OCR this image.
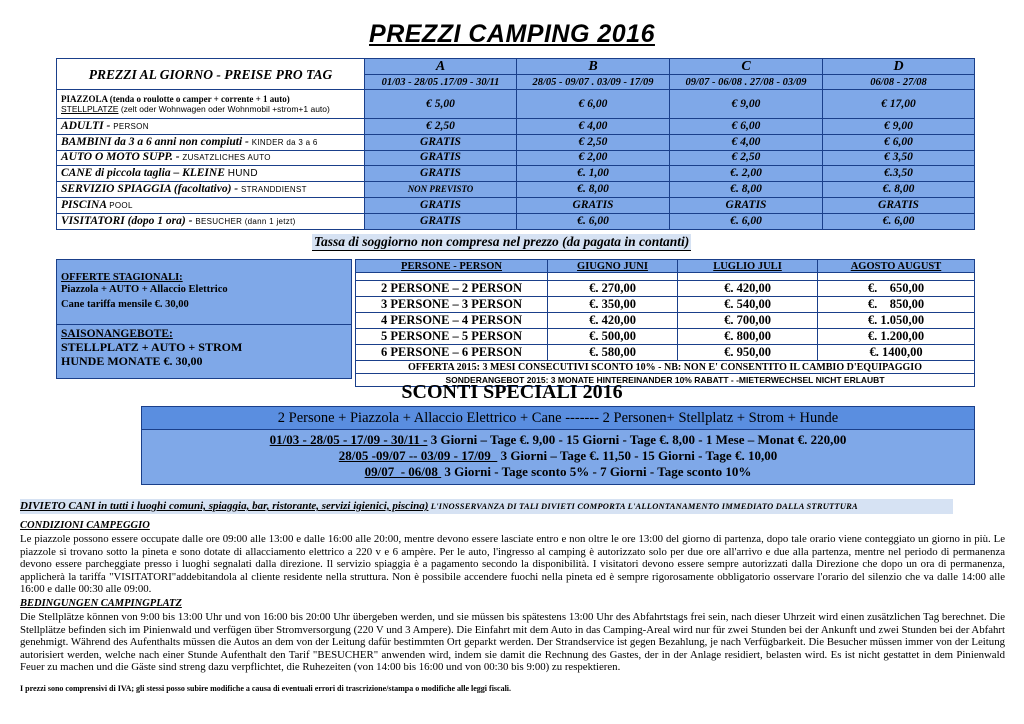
PREZZI CAMPING 2016
PREZZI AL GIORNO - PREISE PRO TAG	A	B	C	D
	01/03 - 28/05 .17/09 - 30/11	28/05 - 09/07 . 03/09 - 17/09	09/07 - 06/08 . 27/08 - 03/09	06/08 - 27/08

PIAZZOLA (tenda o roulotte o camper + corrente + 1 auto)
STELLPLATZE (zelt oder Wohnwagen oder Wohnmobil +strom+1 auto)	€ 5,00	€ 6,00	€ 9,00	€ 17,00
ADULTI - PERSON	€ 2,50	€ 4,00	€ 6,00	€ 9,00
BAMBINI da 3 a 6 anni non compiuti - KINDER da 3 a 6	GRATIS	€ 2,50	€ 4,00	€ 6,00
AUTO O MOTO SUPP. - ZUSATZLICHES AUTO	GRATIS	€ 2,00	€ 2,50	€ 3,50
CANE di piccola taglia – KLEINE HUND	GRATIS	€. 1,00	€. 2,00	€.3,50
SERVIZIO SPIAGGIA (facoltativo) - STRANDDIENST	NON PREVISTO	€. 8,00	€. 8,00	€. 8,00
PISCINA POOL	GRATIS	GRATIS	GRATIS	GRATIS
VISITATORI (dopo 1 ora) - BESUCHER (dann 1 jetzt)	GRATIS	€. 6,00	€. 6,00	€. 6,00
Tassa di soggiorno non compresa nel prezzo (da pagata in contanti)
OFFERTE STAGIONALI:
Piazzola + AUTO + Allaccio Elettrico
Cane tariffa mensile €. 30,00
SAISONANGEBOTE:
STELLPLATZ + AUTO + STROM
HUNDE MONATE €. 30,00
PERSONE - PERSON	GIUGNO JUNI	LUGLIO JULI	AGOSTO AUGUST

2 PERSONE – 2 PERSON	€. 270,00	€. 420,00	€.    650,00
3 PERSONE – 3 PERSON	€. 350,00	€. 540,00	€.    850,00
4 PERSONE – 4 PERSON	€. 420,00	€. 700,00	€. 1.050,00
5 PERSONE – 5 PERSON	€. 500,00	€. 800,00	€. 1.200,00
6 PERSONE – 6 PERSON	€. 580,00	€. 950,00	€. 1400,00
OFFERTA 2015: 3 MESI CONSECUTIVI SCONTO 10% - NB: NON E' CONSENTITO IL CAMBIO D'EQUIPAGGIO			
SONDERANGEBOT 2015: 3 MONATE HINTEREINANDER 10% RABATT - -MIETERWECHSEL NICHT ERLAUBT			
SCONTI SPECIALI 2016
2 Persone + Piazzola + Allaccio Elettrico + Cane ------- 2 Personen+ Stellplatz + Strom + Hunde
01/03 - 28/05 - 17/09 - 30/11 - 3 Giorni – Tage €. 9,00 - 15 Giorni - Tage €. 8,00 - 1 Mese – Monat €. 220,00
28/05 -09/07 -- 03/09 - 17/09   3 Giorni – Tage €. 11,50 - 15 Giorni - Tage €. 10,00
09/07  - 06/08  3 Giorni - Tage sconto 5% - 7 Giorni - Tage sconto 10%
DIVIETO CANI in tutti i luoghi comuni, spiaggia, bar, ristorante, servizi igienici, piscina) L'INOSSERVANZA DI TALI DIVIETI COMPORTA L'ALLONTANAMENTO IMMEDIATO DALLA STRUTTURA
CONDIZIONI CAMPEGGIO
Le piazzole possono essere occupate dalle ore 09:00 alle 13:00 e dalle 16:00 alle 20:00, mentre devono essere lasciate entro e non oltre le ore 13:00 del giorno di partenza, dopo tale orario viene conteggiato un giorno in più. Le piazzole si trovano sotto la pineta e sono dotate di allacciamento elettrico a 220 v e 6 ampère. Per le auto, l'ingresso al camping è autorizzato solo per due ore all'arrivo e due alla partenza, mentre nel periodo di permanenza devono essere parcheggiate presso i luoghi segnalati dalla direzione. Il servizio spiaggia è a pagamento secondo la disponibilità. I visitatori devono essere sempre autorizzati dalla Direzione che dopo un ora di permanenza, applicherà la tariffa "VISITATORI"addebitandola al cliente residente nella struttura. Non è possibile accendere fuochi nella pineta ed è sempre rigorosamente obbligatorio osservare l'orario del silenzio che va dalle 14:00 alle 16:00 e dalle 00:30 alle 09:00.
BEDINGUNGEN CAMPINGPLATZ
Die Stellplätze können von 9:00 bis 13:00 Uhr und von 16:00 bis 20:00 Uhr übergeben werden, und sie müssen bis spätestens 13:00 Uhr des Abfahrtstags frei sein, nach dieser Uhrzeit wird einen zusätzlichen Tag berechnet. Die Stellplätze befinden sich im Pinienwald und verfügen über Stromversorgung (220 V und 3 Ampere). Die Einfahrt mit dem Auto in das Camping-Areal wird nur für zwei Stunden bei der Ankunft und zwei Stunden bei der Abfahrt genehmigt. Während des Aufenthalts müssen die Autos an dem von der Leitung dafür bestimmten Ort geparkt werden. Der Strandservice ist gegen Bezahlung, je nach Verfügbarkeit. Die Besucher müssen immer von der Leitung autorisiert werden, welche nach einer Stunde Aufenthalt den Tarif "BESUCHER" anwenden wird, indem sie damit die Rechnung des Gastes, der in der Anlage residiert, belasten wird. Es ist nicht gestattet in dem Pinienwald Feuer zu machen und die Gäste sind streng dazu verpflichtet, die Ruhezeiten (von 14:00 bis 16:00 und von 00:30 bis 9:00) zu respektieren.
I prezzi sono comprensivi di IVA; gli stessi posso subire modifiche a causa di eventuali errori di trascrizione/stampa o modifiche alle leggi fiscali.
